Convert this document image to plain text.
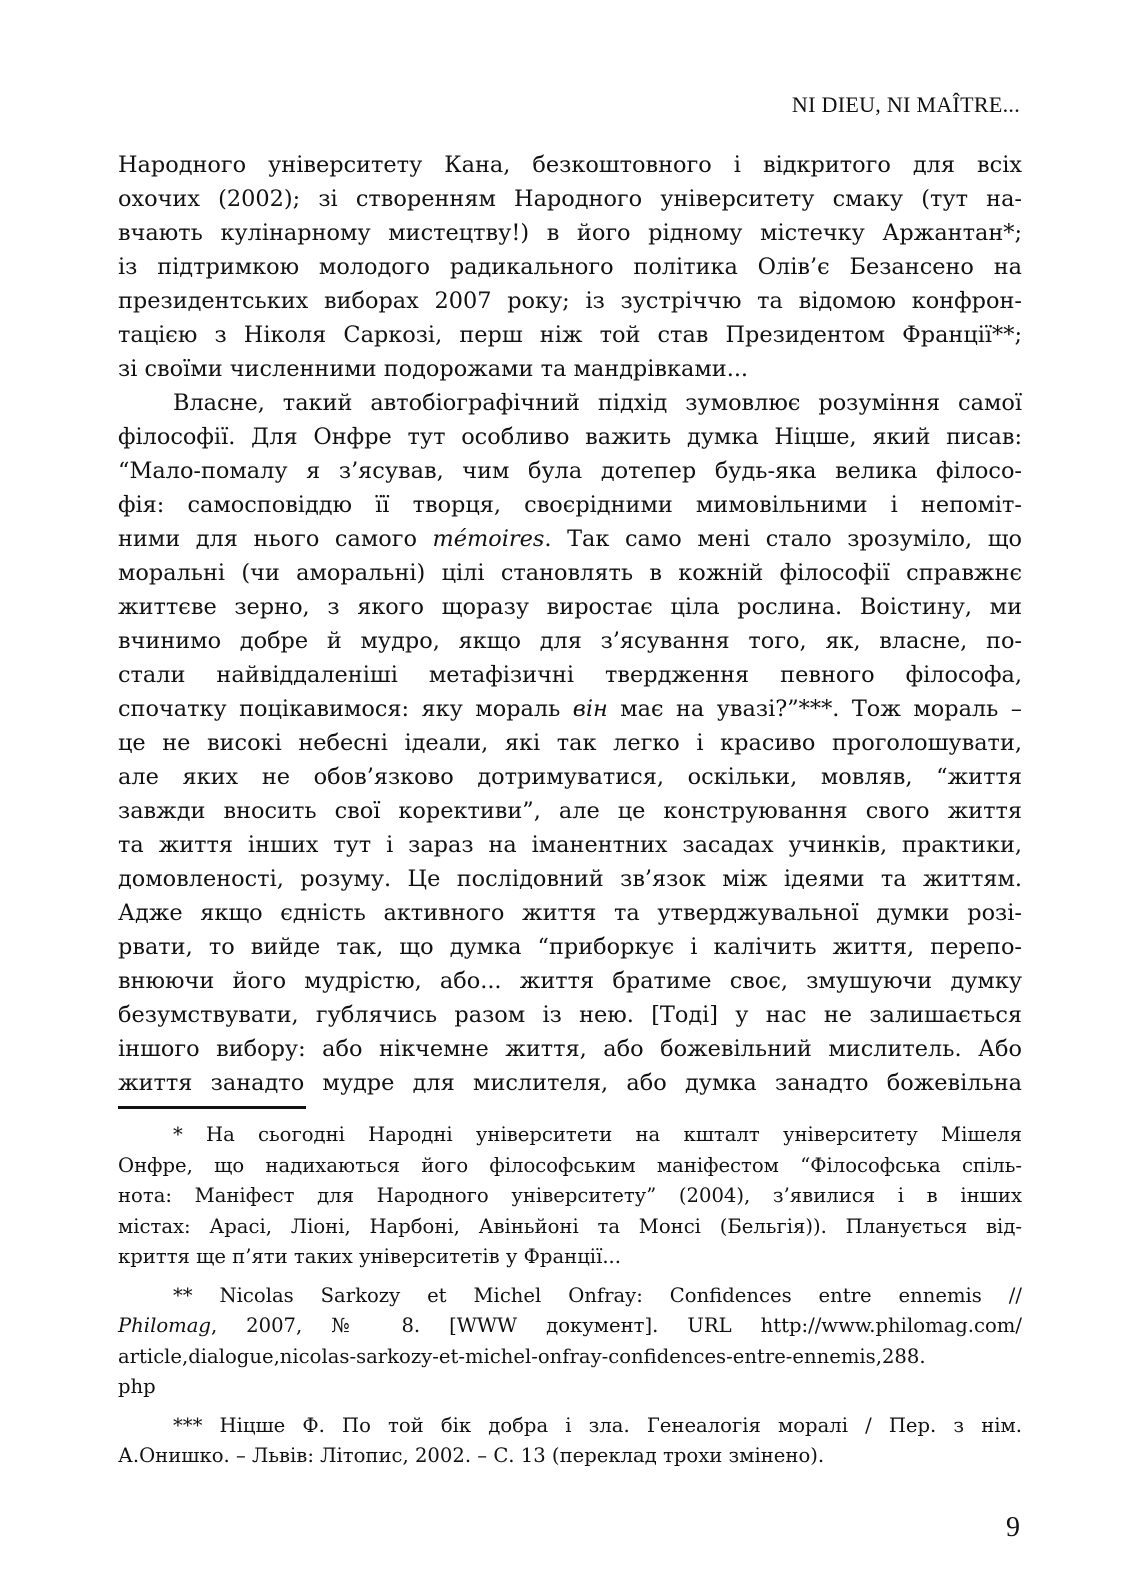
NI DIEU, NI MAÎTRE...
Народного університету Кана, безкоштовного і відкритого для всіх
охочих (2002); зі створенням Народного університету смаку (тут на-
вчають кулінарному мистецтву!) в його рідному містечку Аржантан*;
із підтримкою молодого радикального політика Олів’є Безансено на
президентських виборах 2007 року; із зустріччю та відомою конфрон-
тацією з Ніколя Саркозі, перш ніж той став Президентом Франції**;
зі своїми численними подорожами та мандрівками...
Власне, такий автобіографічний підхід зумовлює розуміння самої
філософії. Для Онфре тут особливо важить думка Ніцше, який писав:
“Мало-помалу я з’ясував, чим була дотепер будь-яка велика філосо-
фія: самосповіддю її творця, своєрідними мимовільними і непоміт-
ними для нього самого mémoires. Так само мені стало зрозуміло, що
моральні (чи аморальні) цілі становлять в кожній філософії справжнє
життєве зерно, з якого щоразу виростає ціла рослина. Воістину, ми
вчинимо добре й мудро, якщо для з’ясування того, як, власне, по-
стали найвіддаленіші метафізичні твердження певного філософа,
спочатку поцікавимося: яку мораль він має на увазі?”***. Тож мораль –
це не високі небесні ідеали, які так легко і красиво проголошувати,
але яких не обов’язково дотримуватися, оскільки, мовляв, “життя
завжди вносить свої корективи”, але це конструювання свого життя
та життя інших тут і зараз на іманентних засадах учинків, практики,
домовленості, розуму. Це послідовний зв’язок між ідеями та життям.
Адже якщо єдність активного життя та утверджувальної думки розі-
рвати, то вийде так, що думка “приборкує і калічить життя, перепо-
внюючи його мудрістю, або... життя братиме своє, змушуючи думку
безумствувати, гублячись разом із нею. [Тоді] у нас не залишається
іншого вибору: або нікчемне життя, або божевільний мислитель. Або
життя занадто мудре для мислителя, або думка занадто божевільна
* На сьогодні Народні університети на кшталт університету Мішеля
Онфре, що надихаються його філософським маніфестом “Філософська спіль-
нота: Маніфест для Народного університету” (2004), з’явилися і в інших
містах: Арасі, Ліоні, Нарбоні, Авіньйоні та Монсі (Бельгія)). Планується від-
криття ще п’яти таких університетів у Франції...
** Nicolas Sarkozy et Michel Onfray: Confidences entre ennemis //
Philomag, 2007, № 8. [WWW документ]. URL http://www.philomag.com/
article,dialogue,nicolas-sarkozy-et-michel-onfray-confidences-entre-ennemis,288.
php
*** Ніцше Ф. По той бік добра і зла. Генеалогія моралі / Пер. з нім.
А.Онишко. – Львів: Літопис, 2002. – С. 13 (переклад трохи змінено).
9
